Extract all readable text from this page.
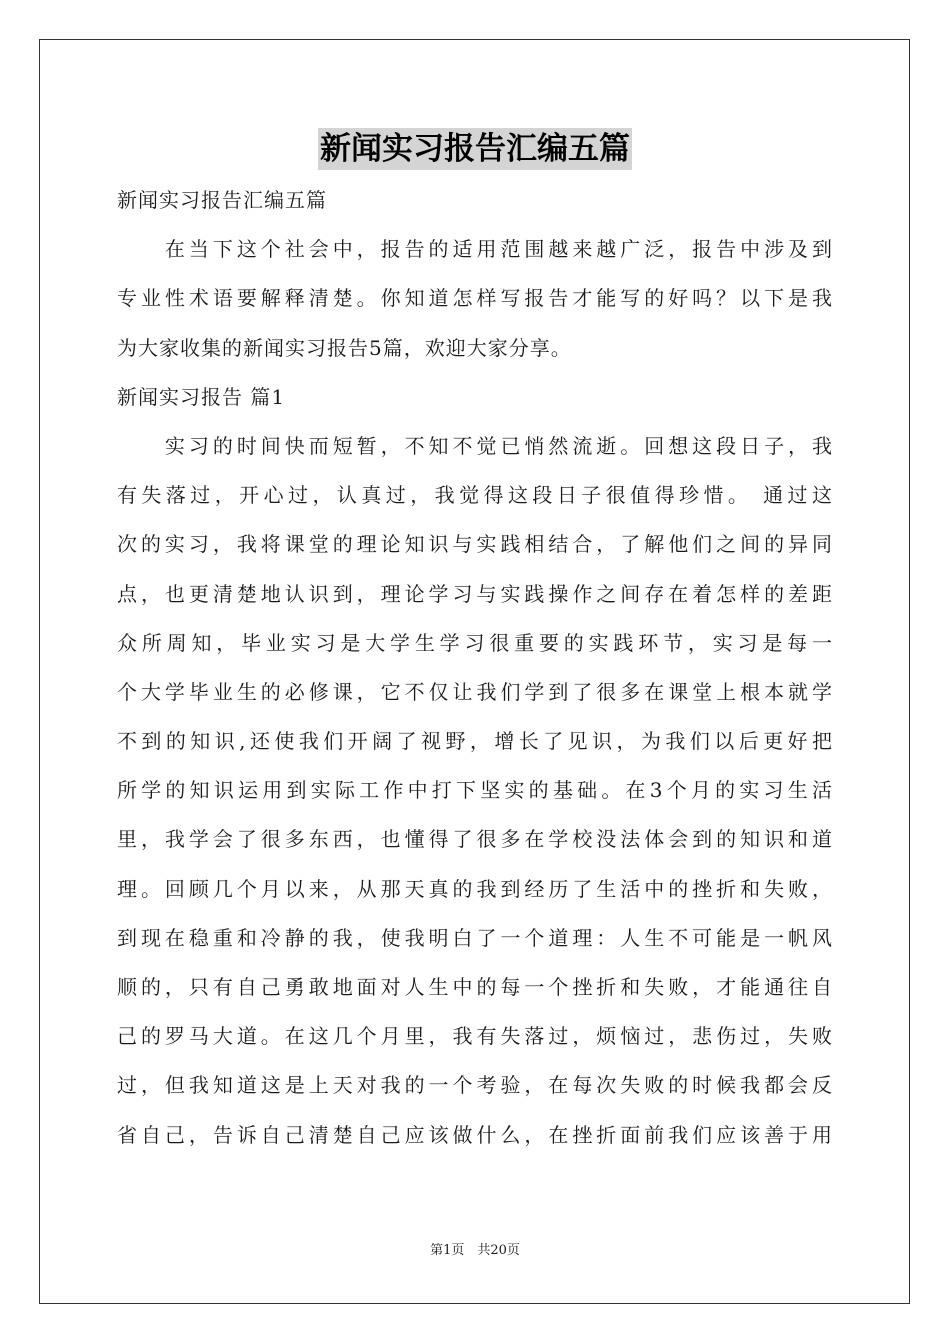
新闻实习报告汇编五篇
新闻实习报告汇编五篇
　　在当下这个社会中，报告的适用范围越来越广泛，报告中涉及到
专业性术语要解释清楚。你知道怎样写报告才能写的好吗？以下是我
为大家收集的新闻实习报告5篇，欢迎大家分享。
新闻实习报告 篇1
　　实习的时间快而短暂，不知不觉已悄然流逝。回想这段日子，我
有失落过，开心过，认真过，我觉得这段日子很值得珍惜。 通过这
次的实习，我将课堂的理论知识与实践相结合，了解他们之间的异同
点，也更清楚地认识到，理论学习与实践操作之间存在着怎样的差距
众所周知，毕业实习是大学生学习很重要的实践环节，实习是每一
个大学毕业生的必修课，它不仅让我们学到了很多在课堂上根本就学
不到的知识,还使我们开阔了视野，增长了见识，为我们以后更好把
所学的知识运用到实际工作中打下坚实的基础。在3个月的实习生活
里，我学会了很多东西，也懂得了很多在学校没法体会到的知识和道
理。回顾几个月以来，从那天真的我到经历了生活中的挫折和失败，
到现在稳重和冷静的我，使我明白了一个道理：人生不可能是一帆风
顺的，只有自己勇敢地面对人生中的每一个挫折和失败，才能通往自
己的罗马大道。在这几个月里，我有失落过，烦恼过，悲伤过，失败
过，但我知道这是上天对我的一个考验，在每次失败的时候我都会反
省自己，告诉自己清楚自己应该做什么，在挫折面前我们应该善于用
第1页　共20页
